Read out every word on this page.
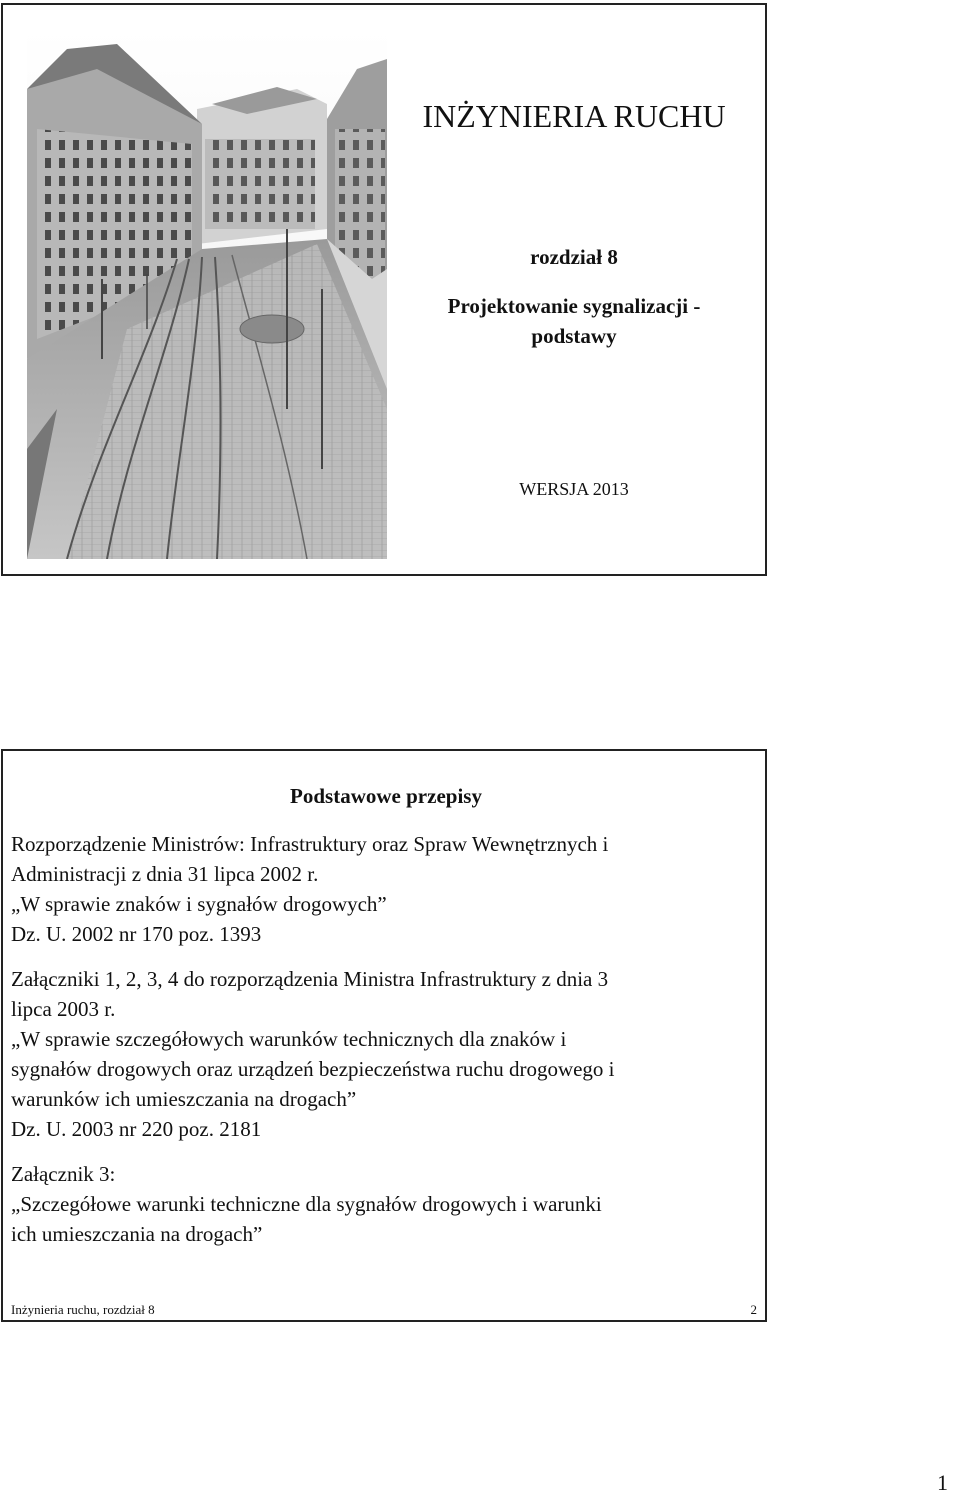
INŻYNIERIA RUCHU
rozdział 8
Projektowanie sygnalizacji -
podstawy
WERSJA 2013
Podstawowe przepisy

Rozporządzenie Ministrów: Infrastruktury oraz Spraw Wewnętrznych i

Administracji z dnia 31 lipca 2002 r.

„W sprawie znaków i sygnałów drogowych”

Dz. U. 2002 nr 170 poz. 1393

Załączniki 1, 2, 3, 4 do rozporządzenia Ministra Infrastruktury z dnia 3

lipca 2003 r.

„W sprawie szczegółowych warunków technicznych dla znaków i

sygnałów drogowych oraz urządzeń bezpieczeństwa ruchu drogowego i

warunków ich umieszczania na drogach”

Dz. U. 2003 nr 220 poz. 2181

Załącznik 3:

„Szczegółowe warunki techniczne dla sygnałów drogowych i warunki

ich umieszczania na drogach”

Inżynieria ruchu, rozdział 8	2
1
